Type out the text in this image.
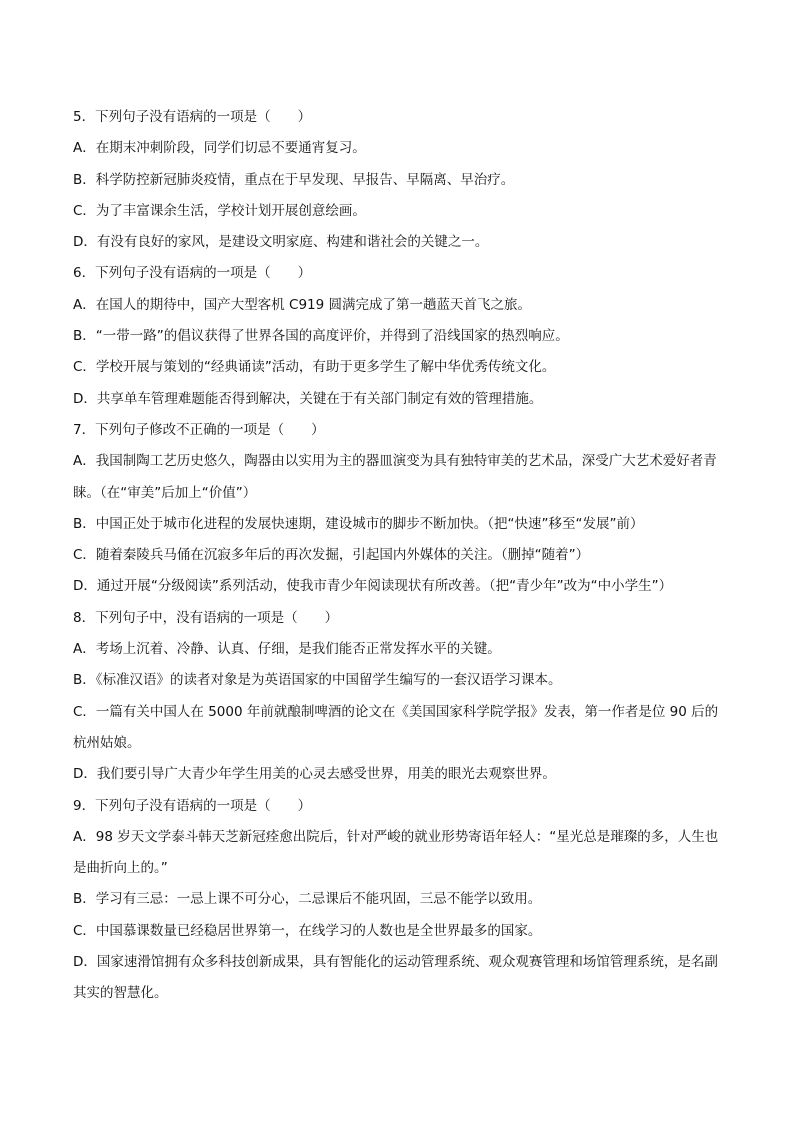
5．下列句子没有语病的一项是（　　）
A．在期末冲刺阶段，同学们切忌不要通宵复习。
B．科学防控新冠肺炎疫情，重点在于早发现、早报告、早隔离、早治疗。
C．为了丰富课余生活，学校计划开展创意绘画。
D．有没有良好的家风，是建设文明家庭、构建和谐社会的关键之一。
6．下列句子没有语病的一项是（　　）
A．在国人的期待中，国产大型客机 C919 圆满完成了第一趟蓝天首飞之旅。
B．“一带一路”的倡议获得了世界各国的高度评价，并得到了沿线国家的热烈响应。
C．学校开展与策划的“经典诵读”活动，有助于更多学生了解中华优秀传统文化。
D．共享单车管理难题能否得到解决，关键在于有关部门制定有效的管理措施。
7．下列句子修改不正确的一项是（　　）
A．我国制陶工艺历史悠久，陶器由以实用为主的器皿演变为具有独特审美的艺术品，深受广大艺术爱好者青睐。（在“审美”后加上“价值”）
B．中国正处于城市化进程的发展快速期，建设城市的脚步不断加快。（把“快速”移至“发展”前）
C．随着秦陵兵马俑在沉寂多年后的再次发掘，引起国内外媒体的关注。（删掉“随着”）
D．通过开展“分级阅读”系列活动，使我市青少年阅读现状有所改善。（把“青少年”改为“中小学生”）
8．下列句子中，没有语病的一项是（　　）
A．考场上沉着、冷静、认真、仔细，是我们能否正常发挥水平的关键。
B．《标准汉语》的读者对象是为英语国家的中国留学生编写的一套汉语学习课本。
C．一篇有关中国人在 5000 年前就酿制啤酒的论文在《美国国家科学院学报》发表，第一作者是位 90 后的杭州姑娘。
D．我们要引导广大青少年学生用美的心灵去感受世界，用美的眼光去观察世界。
9．下列句子没有语病的一项是（　　）
A．98 岁天文学泰斗韩天芝新冠痊愈出院后，针对严峻的就业形势寄语年轻人：“星光总是璀璨的多，人生也是曲折向上的。”
B．学习有三忌：一忌上课不可分心，二忌课后不能巩固，三忌不能学以致用。
C．中国慕课数量已经稳居世界第一，在线学习的人数也是全世界最多的国家。
D．国家速滑馆拥有众多科技创新成果，具有智能化的运动管理系统、观众观赛管理和场馆管理系统，是名副其实的智慧化。
